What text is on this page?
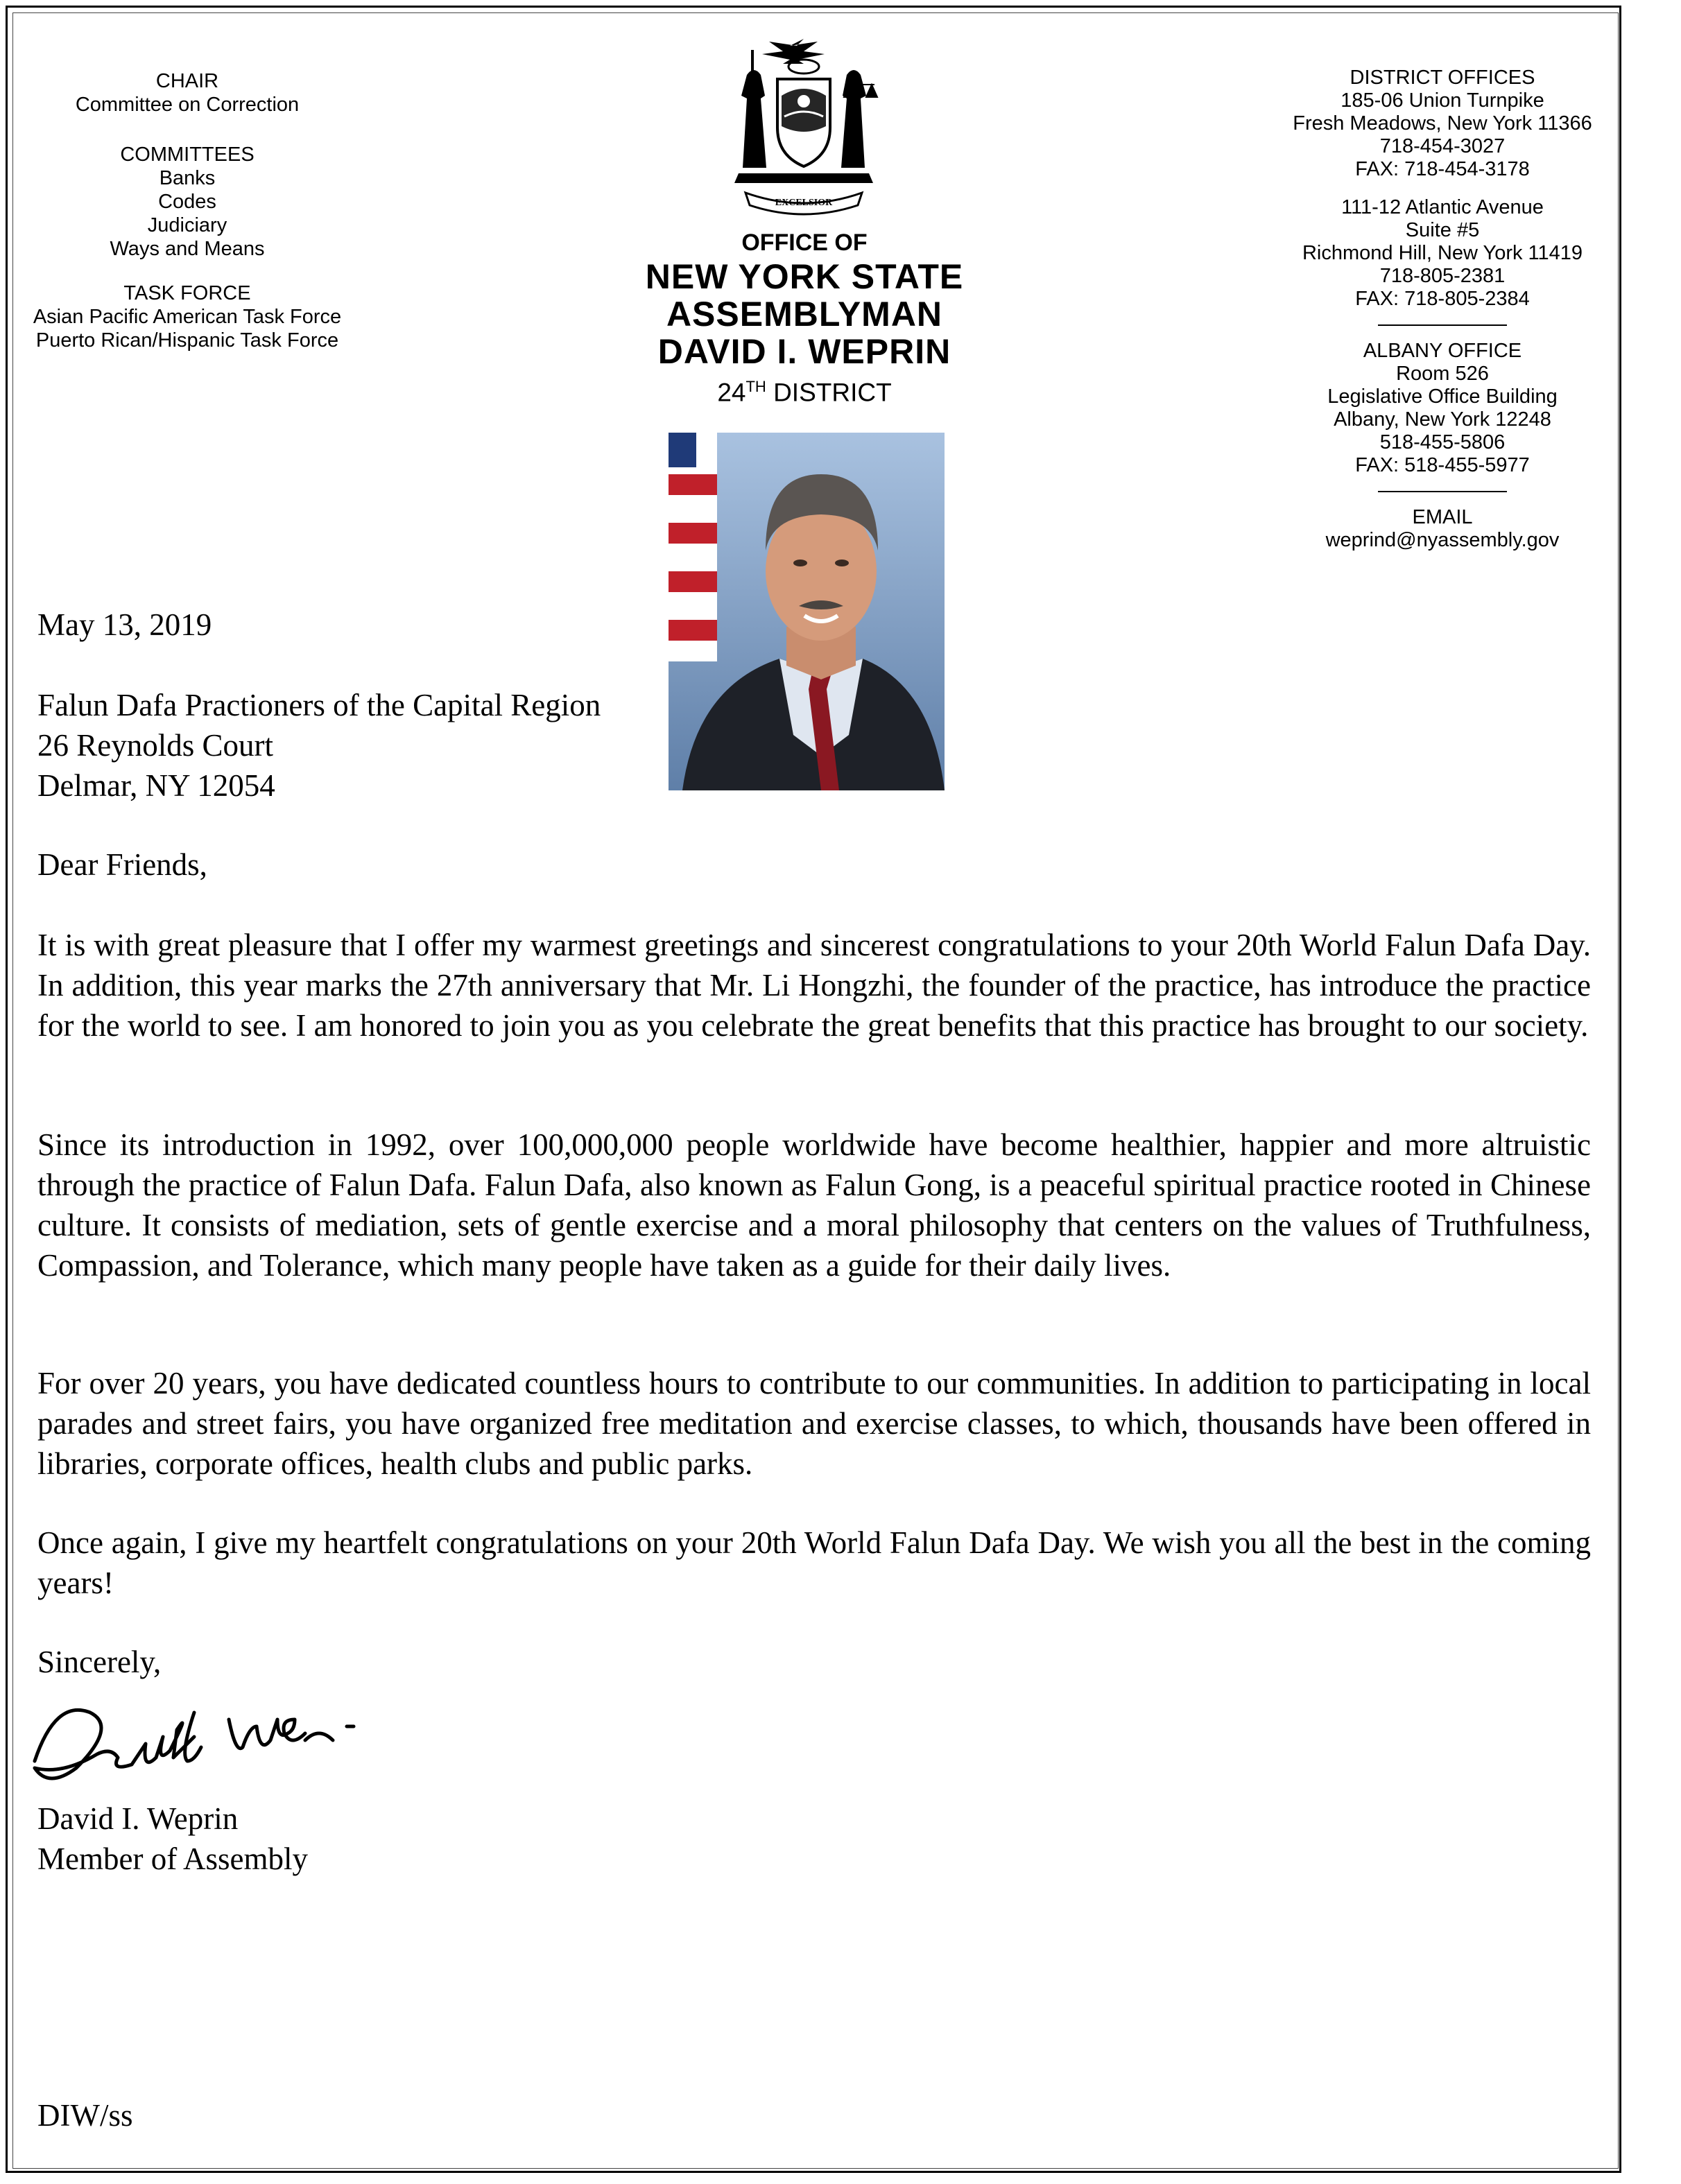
CHAIR
Committee on Correction
COMMITTEES
Banks
Codes
Judiciary
Ways and Means
TASK FORCE
Asian Pacific American Task Force
Puerto Rican/Hispanic Task Force
EXCELSIOR
OFFICE OF
NEW YORK STATE
ASSEMBLYMAN
DAVID I. WEPRIN
24TH DISTRICT
DISTRICT OFFICES
185-06 Union Turnpike
Fresh Meadows, New York 11366
718-454-3027
FAX: 718-454-3178
111-12 Atlantic Avenue
Suite #5
Richmond Hill, New York 11419
718-805-2381
FAX: 718-805-2384
ALBANY OFFICE
Room 526
Legislative Office Building
Albany, New York 12248
518-455-5806
FAX: 518-455-5977
EMAIL
weprind@nyassembly.gov
May 13, 2019
Falun Dafa Practioners of the Capital Region
26 Reynolds Court
Delmar, NY 12054
Dear Friends,
It is with great pleasure that I offer my warmest greetings and sincerest congratulations to your 20th World Falun Dafa Day. In addition, this year marks the 27th anniversary that Mr. Li Hongzhi, the founder of the practice, has introduce the practice for the world to see. I am honored to join you as you celebrate the great benefits that this practice has brought to our society.
Since its introduction in 1992, over 100,000,000 people worldwide have become healthier, happier and more altruistic through the practice of Falun Dafa. Falun Dafa, also known as Falun Gong, is a peaceful spiritual practice rooted in Chinese culture. It consists of mediation, sets of gentle exercise and a moral philosophy that centers on the values of Truthfulness, Compassion, and Tolerance, which many people have taken as a guide for their daily lives.
For over 20 years, you have dedicated countless hours to contribute to our communities. In addition to participating in local parades and street fairs, you have organized free meditation and exercise classes, to which, thousands have been offered in libraries, corporate offices, health clubs and public parks.
Once again, I give my heartfelt congratulations on your 20th World Falun Dafa Day. We wish you all the best in the coming years!
Sincerely,
David I. Weprin
Member of Assembly
DIW/ss
